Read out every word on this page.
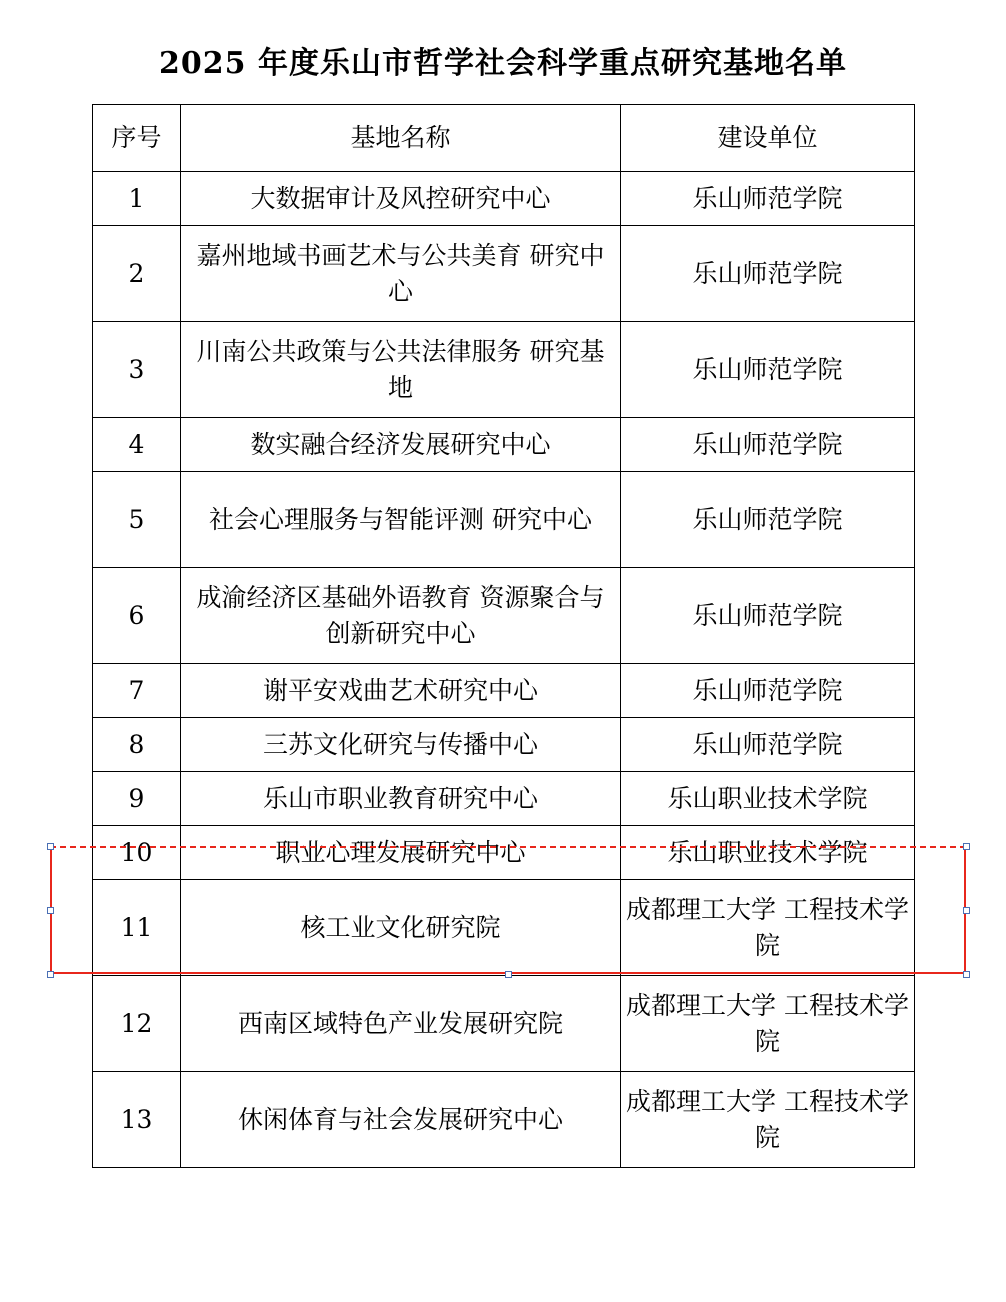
2025 年度乐山市哲学社会科学重点研究基地名单
序号	基地名称	建设单位
1	大数据审计及风控研究中心	乐山师范学院
2	嘉州地域书画艺术与公共美育 研究中心	乐山师范学院
3	川南公共政策与公共法律服务 研究基地	乐山师范学院
4	数实融合经济发展研究中心	乐山师范学院
5	社会心理服务与智能评测 研究中心	乐山师范学院
6	成渝经济区基础外语教育 资源聚合与创新研究中心	乐山师范学院
7	谢平安戏曲艺术研究中心	乐山师范学院
8	三苏文化研究与传播中心	乐山师范学院
9	乐山市职业教育研究中心	乐山职业技术学院
10	职业心理发展研究中心	乐山职业技术学院
11	核工业文化研究院	成都理工大学 工程技术学院
12	西南区域特色产业发展研究院	成都理工大学 工程技术学院
13	休闲体育与社会发展研究中心	成都理工大学 工程技术学院
